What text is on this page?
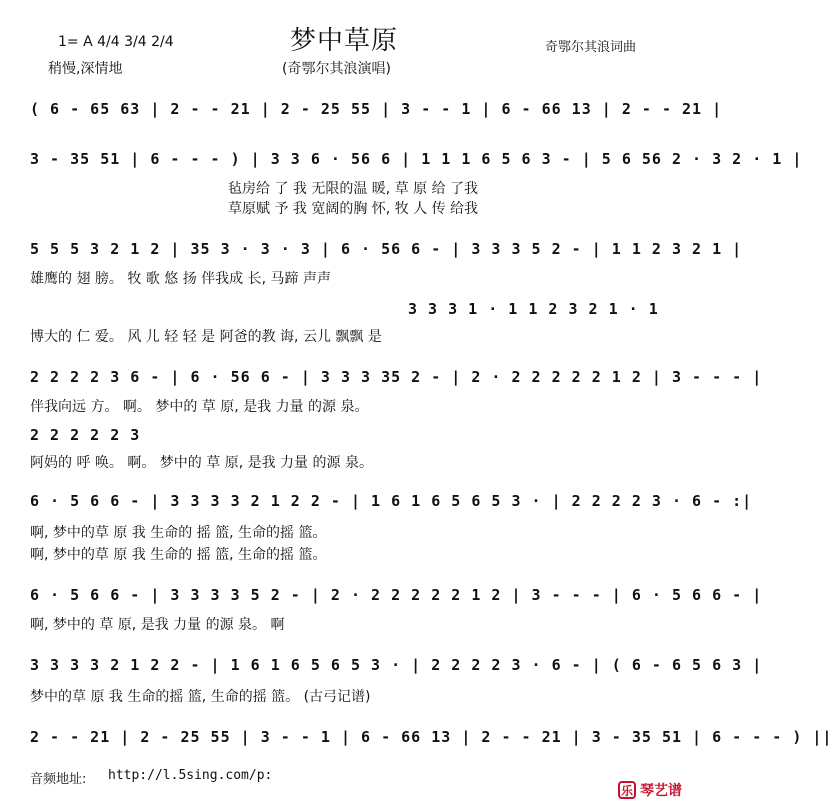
1= A 4/4 3/4 2/4
稍慢,深情地
梦中草原
(奇鄂尔其浪演唱)
奇鄂尔其浪词曲
( 6 - 65 63 | 2 - - 21 | 2 - 25 55 | 3 - - 1 | 6 - 66 13 | 2 - - 21 |
3 - 35 51 | 6 - - - ) | 3 3 6 · 56 6 | 1 1 1 6 5 6 3 - | 5 6 56 2 · 3 2 · 1 |
毡房给 了 我 无限的温 暖, 草 原 给 了我
草原赋 予 我 宽阔的胸 怀, 牧 人 传 给我
5 5 5 3 2 1 2 | 35 3 · 3 · 3 | 6 · 56 6 - | 3 3 3 5 2 - | 1 1 2 3 2 1 |
雄鹰的 翅 膀。 牧 歌 悠 扬 伴我成 长, 马蹄 声声
3 3 3 1 · 1 1 2 3 2 1 · 1
博大的 仁 爱。 风 儿 轻 轻 是 阿爸的教 诲, 云儿 飘飘 是
2 2 2 2 3 6 - | 6 · 56 6 - | 3 3 3 35 2 - | 2 · 2 2 2 2 2 1 2 | 3 - - - |
伴我向远 方。 啊。 梦中的 草 原, 是我 力量 的源 泉。
2 2 2 2 2 3
阿妈的 呼 唤。 啊。 梦中的 草 原, 是我 力量 的源 泉。
6 · 5 6 6 - | 3 3 3 3 2 1 2 2 - | 1 6 1 6 5 6 5 3 · | 2 2 2 2 3 · 6 - :|
啊, 梦中的草 原 我 生命的 摇 篮, 生命的摇 篮。
啊, 梦中的草 原 我 生命的 摇 篮, 生命的摇 篮。
6 · 5 6 6 - | 3 3 3 3 5 2 - | 2 · 2 2 2 2 2 1 2 | 3 - - - | 6 · 5 6 6 - |
啊, 梦中的 草 原, 是我 力量 的源 泉。 啊
3 3 3 3 2 1 2 2 - | 1 6 1 6 5 6 5 3 · | 2 2 2 2 3 · 6 - | ( 6 - 6 5 6 3 |
梦中的草 原 我 生命的摇 篮, 生命的摇 篮。 (古弓记谱)
2 - - 21 | 2 - 25 55 | 3 - - 1 | 6 - 66 13 | 2 - - 21 | 3 - 35 51 | 6 - - - ) ||
音频地址: http://l.5sing.com/p:
乐 琴艺谱
